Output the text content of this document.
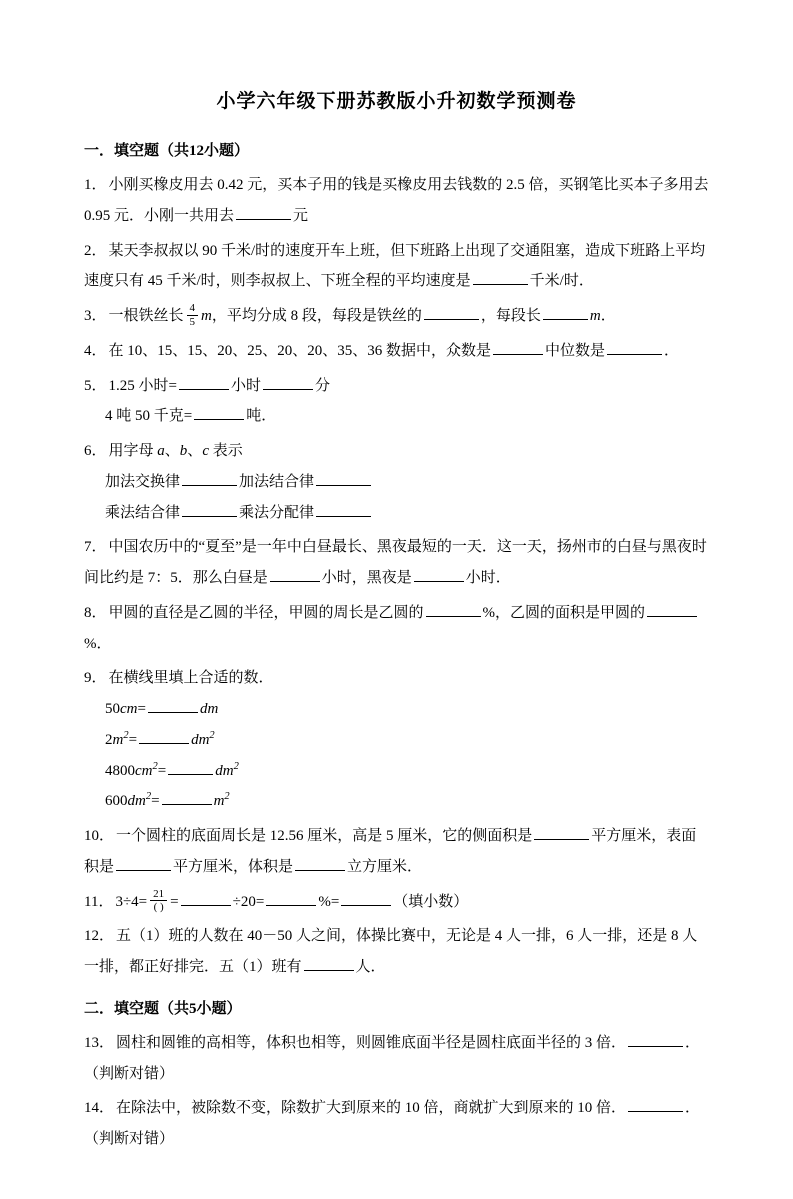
小学六年级下册苏教版小升初数学预测卷
一．填空题（共12小题）

1． 小刚买橡皮用去 0.42 元，买本子用的钱是买橡皮用去钱数的 2.5 倍，买钢笔比买本子多用去 0.95 元．小刚一共用去	元

2． 某天李叔叔以 90 千米/时的速度开车上班，但下班路上出现了交通阻塞，造成下班路上平均速度只有 45 千米/时，则李叔叔上、下班全程的平均速度是	千米/时．

3． 一根铁丝长 $\frac{4}{5}$ m，平均分成 8 段，每段是铁丝的	，每段长	m．

4． 在 10、15、15、20、25、20、20、35、36 数据中，众数是	中位数是	．

5． 1.25 小时=	小时	分

4 吨 50 千克=	吨．

6． 用字母 a、b、c 表示

加法交换律	加法结合律

乘法结合律	乘法分配律

7． 中国农历中的“夏至”是一年中白昼最长、黑夜最短的一天．这一天，扬州市的白昼与黑夜时间比约是 7：5．那么白昼是	小时，黑夜是	小时．

8． 甲圆的直径是乙圆的半径，甲圆的周长是乙圆的	%，乙圆的面积是甲圆的%．

9． 在横线里填上合适的数．

50cm=	dm

$2m^2=$	$dm^2$

$4800cm^2=$	$dm^2$

$600dm^2=$	$m^2$

10． 一个圆柱的底面周长是 12.56 厘米，高是 5 厘米，它的侧面积是	平方厘米，表面积是	平方厘米，体积是	立方厘米．

11． $3\div 4= \frac{21}{( )}$ =	÷20=	%=	（填小数）

12． 五（1）班的人数在 40－50 人之间，体操比赛中，无论是 4 人一排，6 人一排，还是 8 人一排，都正好排完．五（1）班有	人．

二．填空题（共5小题）

13． 圆柱和圆锥的高相等，体积也相等，则圆锥底面半径是圆柱底面半径的 3 倍．	．（判断对错）

14． 在除法中，被除数不变，除数扩大到原来的 10 倍，商就扩大到原来的 10 倍．	．（判断对错）
